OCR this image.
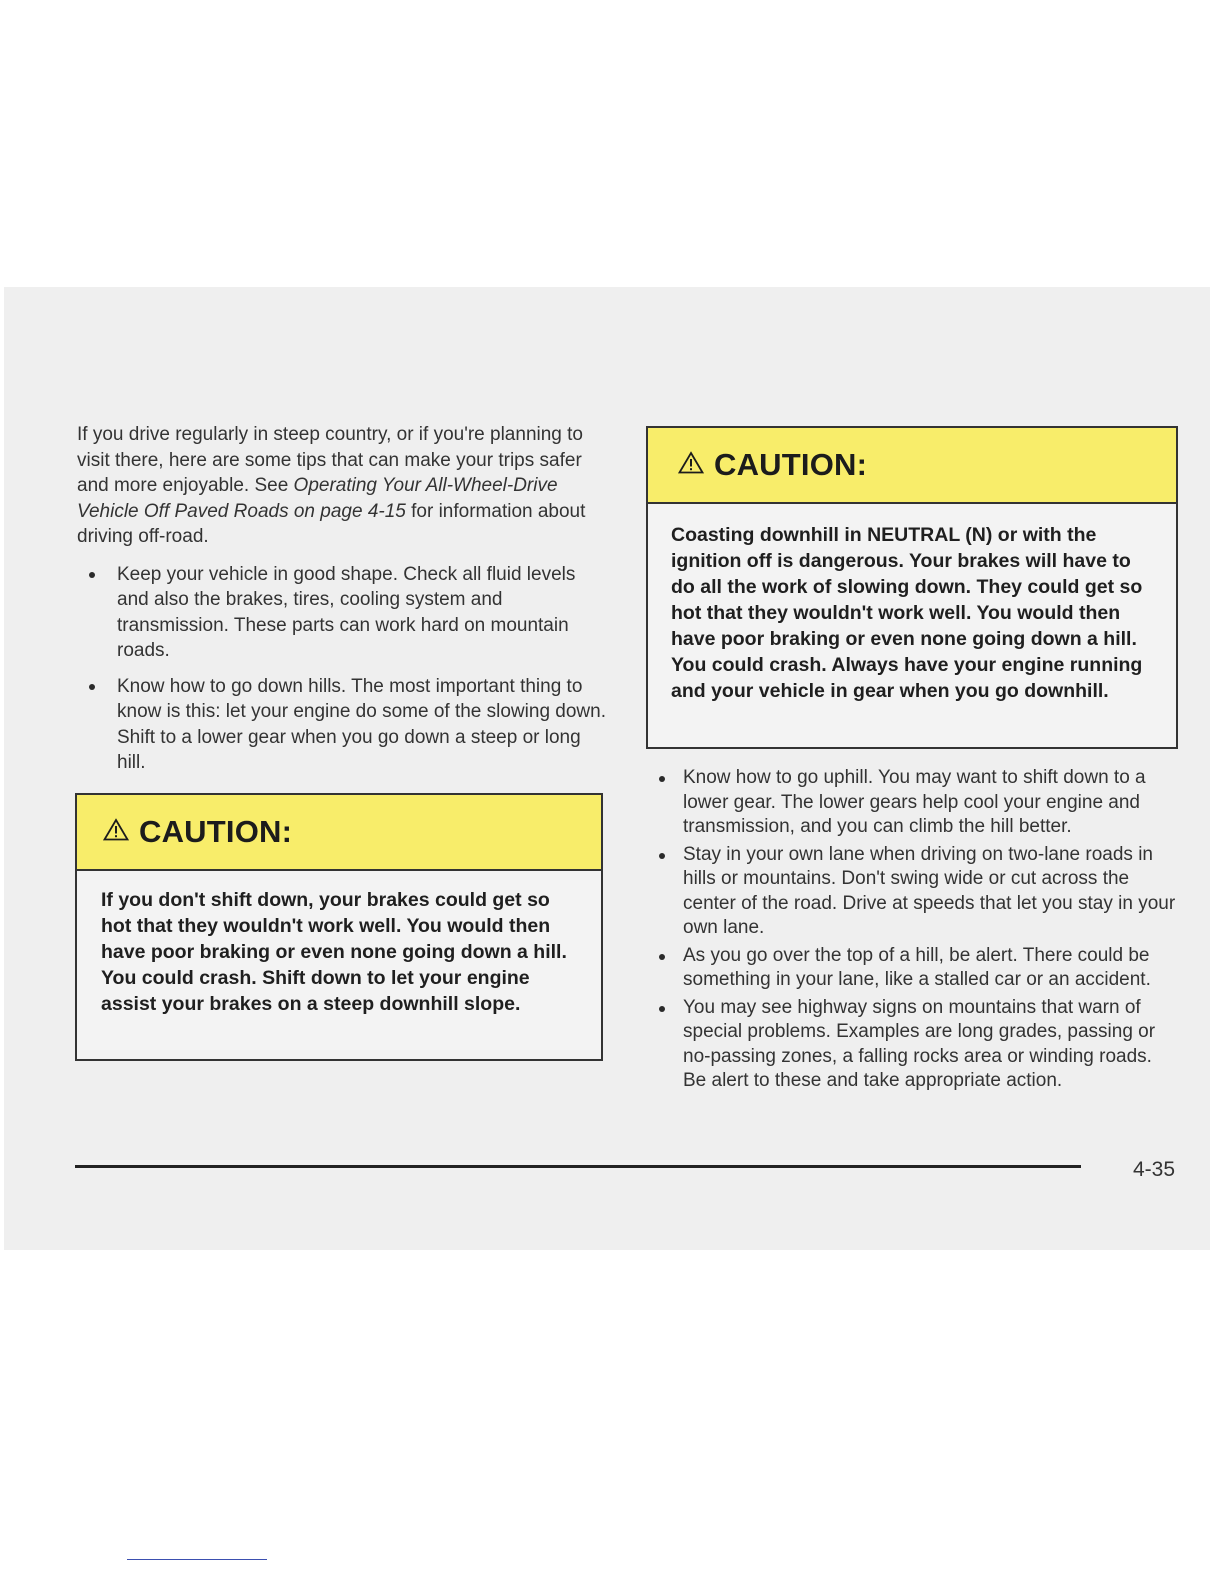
If you drive regularly in steep country, or if you're planning to visit there, here are some tips that can make your trips safer and more enjoyable. See Operating Your All-Wheel-Drive Vehicle Off Paved Roads on page 4-15 for information about driving off-road.

Keep your vehicle in good shape. Check all fluid levels and also the brakes, tires, cooling system and transmission. These parts can work hard on mountain roads.
Know how to go down hills. The most important thing to know is this: let your engine do some of the slowing down. Shift to a lower gear when you go down a steep or long hill.
CAUTION:
If you don't shift down, your brakes could get so hot that they wouldn't work well. You would then have poor braking or even none going down a hill. You could crash. Shift down to let your engine assist your brakes on a steep downhill slope.
CAUTION:
Coasting downhill in NEUTRAL (N) or with the ignition off is dangerous. Your brakes will have to do all the work of slowing down. They could get so hot that they wouldn't work well. You would then have poor braking or even none going down a hill. You could crash. Always have your engine running and your vehicle in gear when you go downhill.
Know how to go uphill. You may want to shift down to a lower gear. The lower gears help cool your engine and transmission, and you can climb the hill better.
Stay in your own lane when driving on two-lane roads in hills or mountains. Don't swing wide or cut across the center of the road. Drive at speeds that let you stay in your own lane.
As you go over the top of a hill, be alert. There could be something in your lane, like a stalled car or an accident.
You may see highway signs on mountains that warn of special problems. Examples are long grades, passing or no-passing zones, a falling rocks area or winding roads. Be alert to these and take appropriate action.
4-35
